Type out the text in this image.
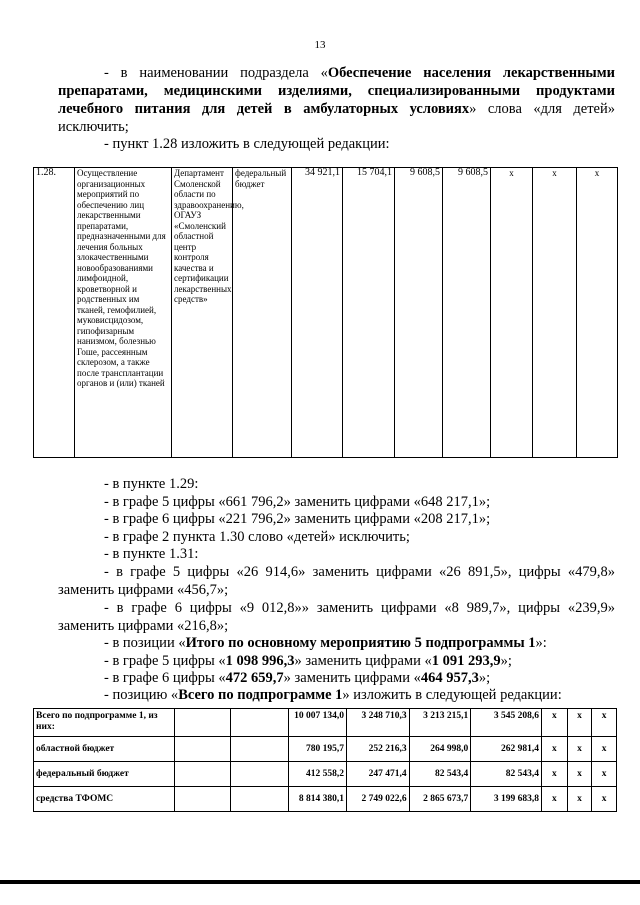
13

- в наименовании подраздела «Обеспечение населения лекарственными

препаратами, медицинскими изделиями, специализированными продуктами

лечебного питания для детей в амбулаторных условиях» слова «для детей»

исключить;

- пункт 1.28 изложить в следующей редакции:

1.28.	Осуществление организационных мероприятий по обеспечению лиц лекарственными препаратами, предназначенными для лечения больных злокачественными новообразованиями лимфоидной, кроветворной и родственных им тканей, гемофилией, муковисцидозом, гипофизарным нанизмом, болезнью Гоше, рассеянным склерозом, а также после трансплантации органов и (или) тканей	Департамент Смоленской области по здравоохранению, ОГАУЗ «Смоленский областной центр контроля качества и сертификации лекарственных средств»	федеральный бюджет	34 921,1	15 704,1	9 608,5	9 608,5	x	x	x

- в пункте 1.29:

- в графе 5 цифры «661 796,2» заменить цифрами «648 217,1»;

- в графе 6 цифры «221 796,2» заменить цифрами «208 217,1»;

- в графе 2 пункта 1.30 слово «детей» исключить;

- в пункте 1.31:

- в графе 5 цифры «26 914,6» заменить цифрами «26 891,5», цифры «479,8»

заменить цифрами «456,7»;

- в графе 6 цифры «9 012,8»» заменить цифрами «8 989,7», цифры «239,9»

заменить цифрами «216,8»;

- в позиции «Итого по основному мероприятию 5 подпрограммы 1»:

- в графе 5 цифры «1 098 996,3» заменить цифрами «1 091 293,9»;

- в графе 6 цифры «472 659,7» заменить цифрами «464 957,3»;

- позицию «Всего по подпрограмме 1» изложить в следующей редакции:

Всего по подпрограмме 1, из них:			10 007 134,0	3 248 710,3	3 213 215,1	3 545 208,6	x	x	x
областной бюджет			780 195,7	252 216,3	264 998,0	262 981,4	x	x	x
федеральный бюджет			412 558,2	247 471,4	82 543,4	82 543,4	x	x	x
средства ТФОМС			8 814 380,1	2 749 022,6	2 865 673,7	3 199 683,8	x	x	x
